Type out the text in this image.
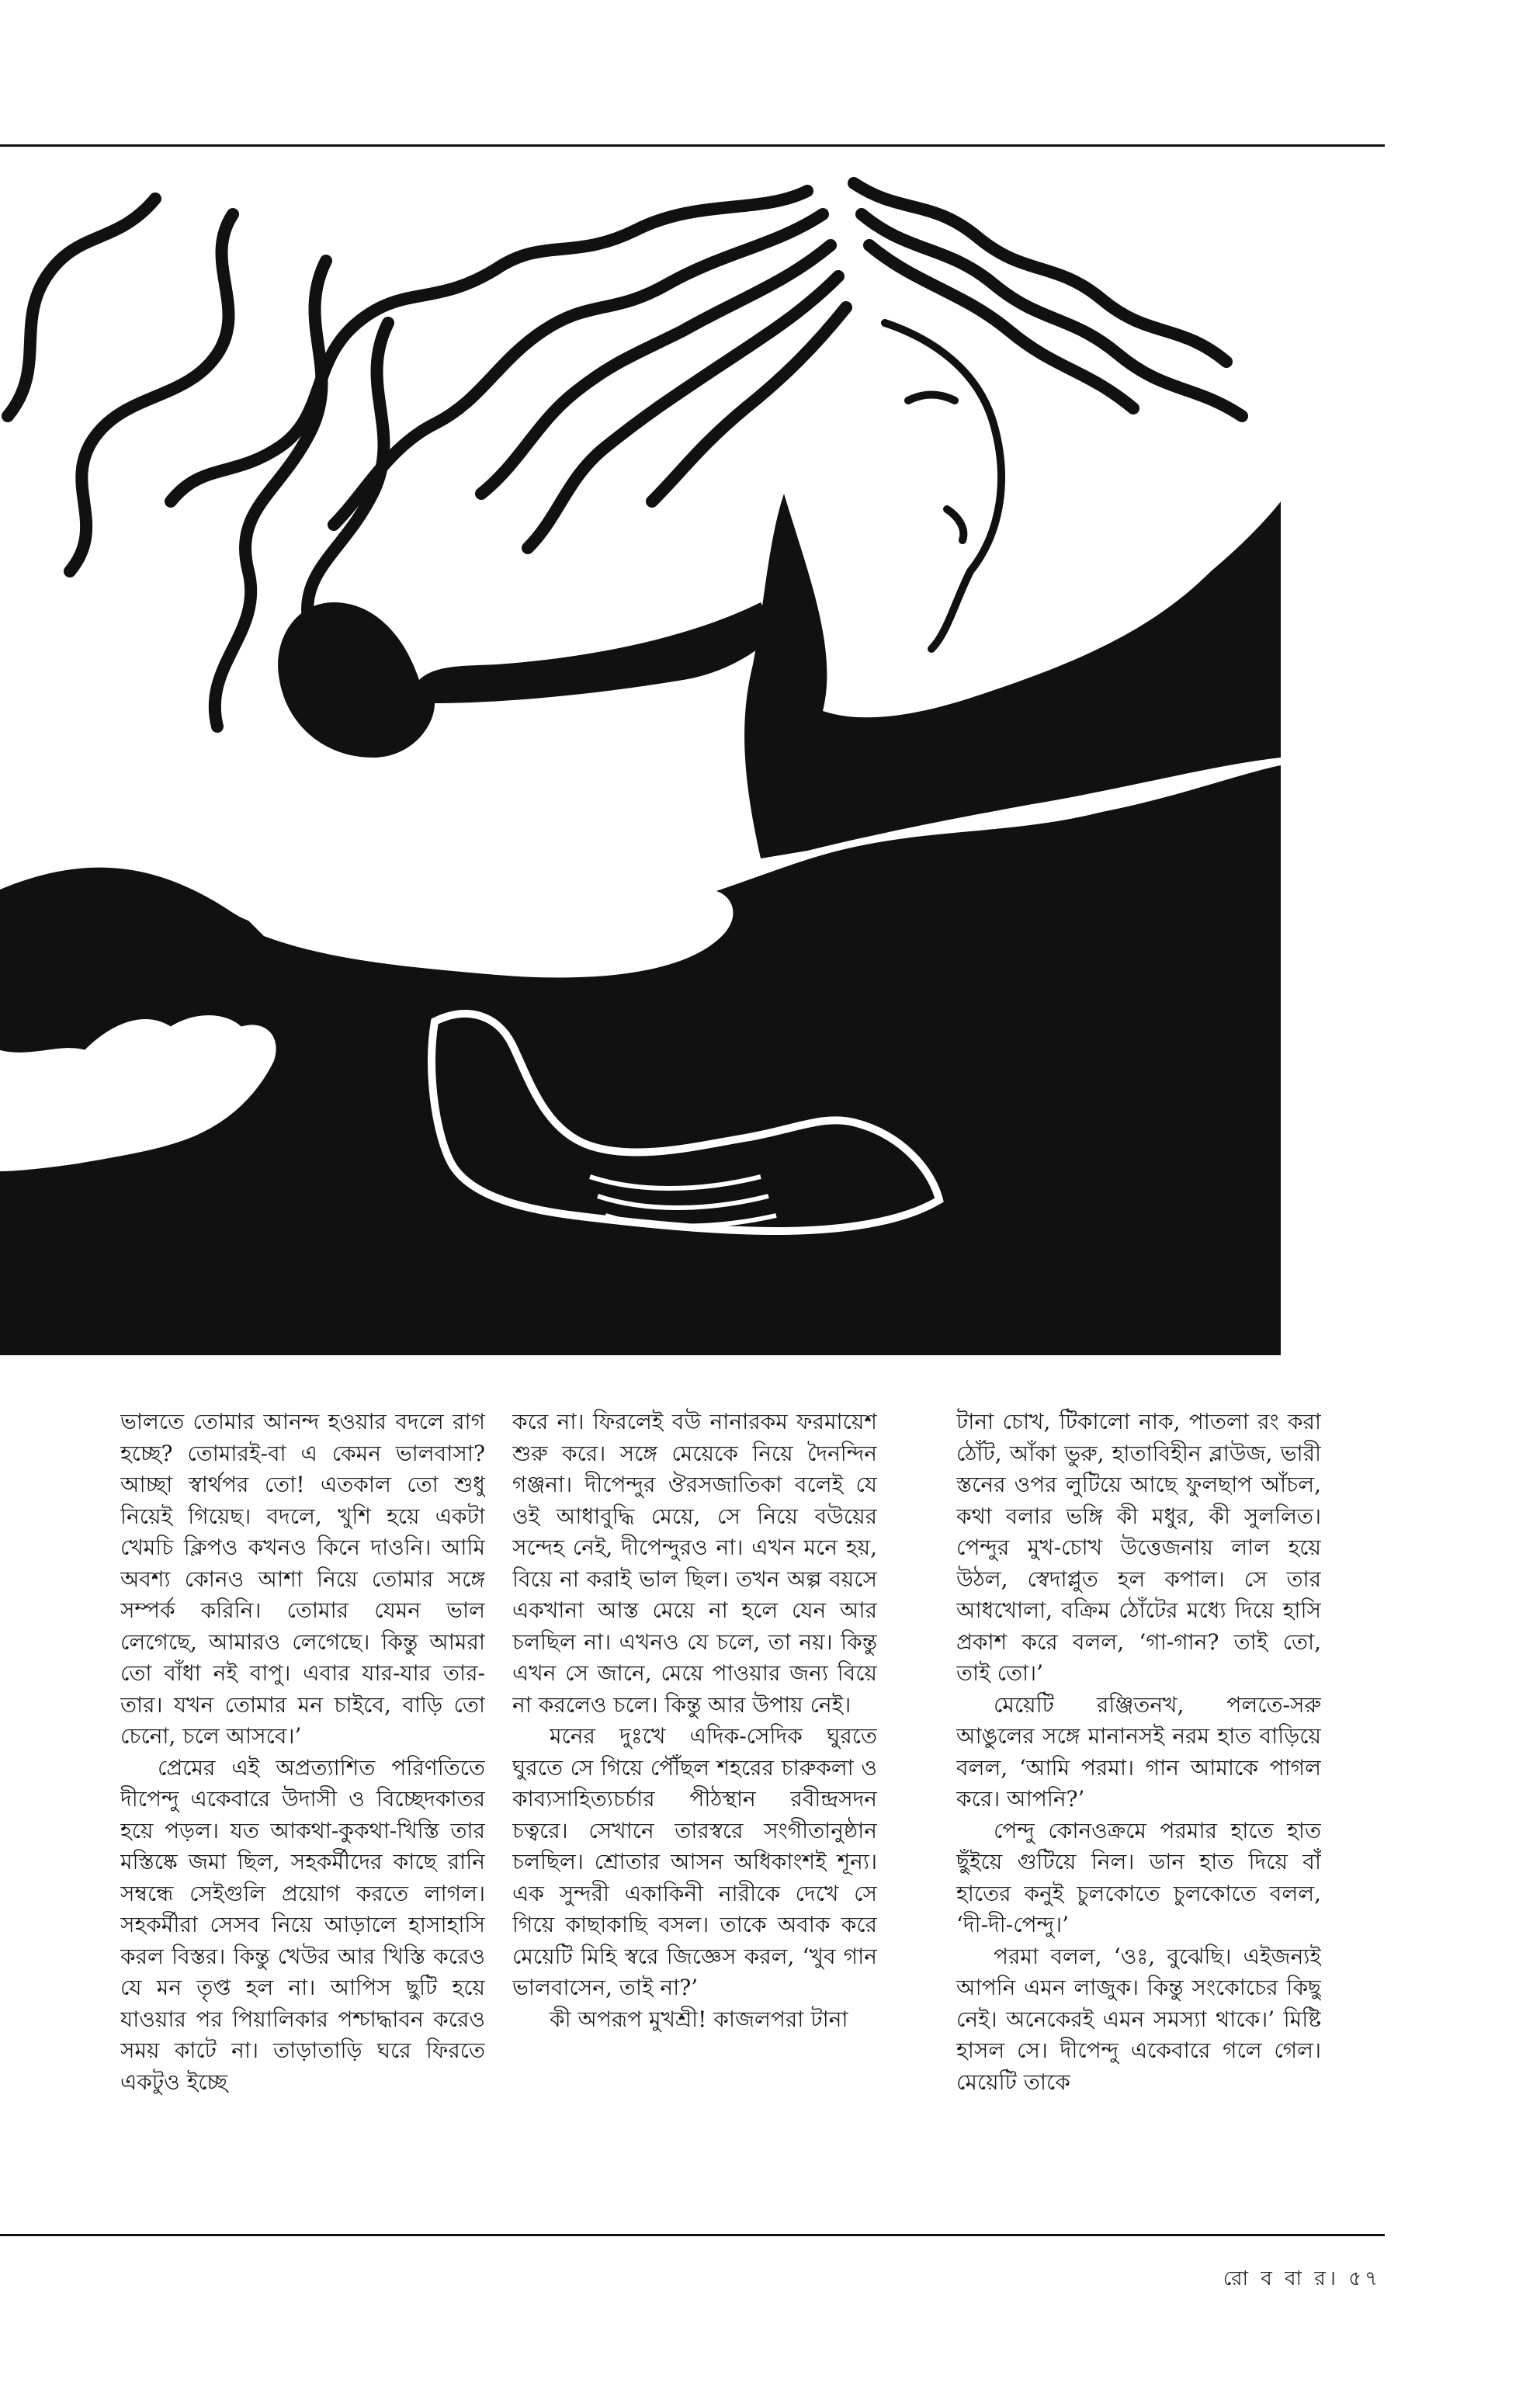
ভালতে তোমার আনন্দ হওয়ার বদলে রাগ হচ্ছে? তোমারই-বা এ কেমন ভালবাসা? আচ্ছা স্বার্থপর তো! এতকাল তো শুধু নিয়েই গিয়েছ। বদলে, খুশি হয়ে একটা খেমচি ক্লিপও কখনও কিনে দাওনি। আমি অবশ্য কোনও আশা নিয়ে তোমার সঙ্গে সম্পর্ক করিনি। তোমার যেমন ভাল লেগেছে, আমারও লেগেছে। কিন্তু আমরা তো বাঁধা নই বাপু। এবার যার-যার তার-তার। যখন তোমার মন চাইবে, বাড়ি তো চেনো, চলে আসবে।’

প্রেমের এই অপ্রত্যাশিত পরিণতিতে দীপেন্দু একেবারে উদাসী ও বিচ্ছেদকাতর হয়ে পড়ল। যত আকথা-কুকথা-খিস্তি তার মস্তিষ্কে জমা ছিল, সহকর্মীদের কাছে রানি সম্বন্ধে সেইগুলি প্রয়োগ করতে লাগল। সহকর্মীরা সেসব নিয়ে আড়ালে হাসাহাসি করল বিস্তর। কিন্তু খেউর আর খিস্তি করেও যে মন তৃপ্ত হল না। আপিস ছুটি হয়ে যাওয়ার পর পিয়ালিকার পশ্চাদ্ধাবন করেও সময় কাটে না। তাড়াতাড়ি ঘরে ফিরতে একটুও ইচ্ছে

করে না। ফিরলেই বউ নানারকম ফরমায়েশ শুরু করে। সঙ্গে মেয়েকে নিয়ে দৈনন্দিন গঞ্জনা। দীপেন্দুর ঔরসজাতিকা বলেই যে ওই আধাবুদ্ধি মেয়ে, সে নিয়ে বউয়ের সন্দেহ নেই, দীপেন্দুরও না। এখন মনে হয়, বিয়ে না করাই ভাল ছিল। তখন অল্প বয়সে একখানা আস্ত মেয়ে না হলে যেন আর চলছিল না। এখনও যে চলে, তা নয়। কিন্তু এখন সে জানে, মেয়ে পাওয়ার জন্য বিয়ে না করলেও চলে। কিন্তু আর উপায় নেই।

মনের দুঃখে এদিক-সেদিক ঘুরতে ঘুরতে সে গিয়ে পৌঁছল শহরের চারুকলা ও কাব্যসাহিত্যচর্চার পীঠস্থান রবীন্দ্রসদন চত্বরে। সেখানে তারস্বরে সংগীতানুষ্ঠান চলছিল। শ্রোতার আসন অধিকাংশই শূন্য। এক সুন্দরী একাকিনী নারীকে দেখে সে গিয়ে কাছাকাছি বসল। তাকে অবাক করে মেয়েটি মিহি স্বরে জিজ্ঞেস করল, ‘খুব গান ভালবাসেন, তাই না?’

কী অপরূপ মুখশ্রী! কাজলপরা টানা

টানা চোখ, টিকালো নাক, পাতলা রং করা ঠোঁট, আঁকা ভুরু, হাতাবিহীন ব্লাউজ, ভারী স্তনের ওপর লুটিয়ে আছে ফুলছাপ আঁচল, কথা বলার ভঙ্গি কী মধুর, কী সুললিত। পেন্দুর মুখ-চোখ উত্তেজনায় লাল হয়ে উঠল, স্বেদাপ্লুত হল কপাল। সে তার আধখোলা, বক্রিম ঠোঁটের মধ্যে দিয়ে হাসি প্রকাশ করে বলল, ‘গা-গান? তাই তো, তাই তো।’

মেয়েটি রঞ্জিতনখ, পলতে-সরু আঙুলের সঙ্গে মানানসই নরম হাত বাড়িয়ে বলল, ‘আমি পরমা। গান আমাকে পাগল করে। আপনি?’

পেন্দু কোনওক্রমে পরমার হাতে হাত ছুঁইয়ে গুটিয়ে নিল। ডান হাত দিয়ে বাঁ হাতের কনুই চুলকোতে চুলকোতে বলল, ‘দী-দী-পেন্দু।’

পরমা বলল, ‘ওঃ, বুঝেছি। এইজন্যই আপনি এমন লাজুক। কিন্তু সংকোচের কিছু নেই। অনেকেরই এমন সমস্যা থাকে।’ মিষ্টি হাসল সে। দীপেন্দু একেবারে গলে গেল। মেয়েটি তাকে

রো ব বা র। ৫৭
